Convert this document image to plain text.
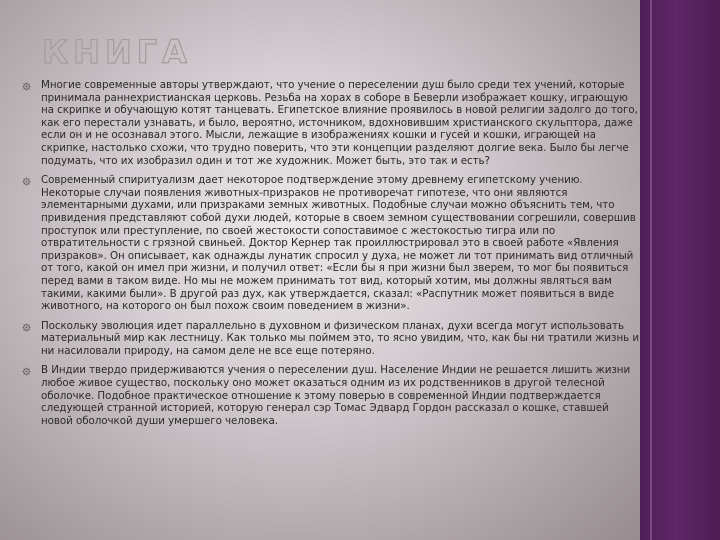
КНИГА
Многие современные авторы утверждают, что учение о переселении душ было среди тех учений, которые принимала раннехристианская церковь. Резьба на хорах в соборе в Беверли изображает кошку, играющую на скрипке и обучающую котят танцевать. Египетское влияние проявилось в новой религии задолго до того, как его перестали узнавать, и было, вероятно, источником, вдохновившим христианского скульптора, даже если он и не осознавал этого. Мысли, лежащие в изображениях кошки и гусей и кошки, играющей на скрипке, настолько схожи, что трудно поверить, что эти концепции разделяют долгие века. Было бы легче подумать, что их изобразил один и тот же художник. Может быть, это так и есть?
Современный спиритуализм дает некоторое подтверждение этому древнему египетскому учению. Некоторые случаи появления животных-призраков не противоречат гипотезе, что они являются элементарными духами, или призраками земных животных. Подобные случаи можно объяснить тем, что привидения представляют собой духи людей, которые в своем земном существовании согрешили, совершив проступок или преступление, по своей жестокости сопоставимое с жестокостью тигра или по отвратительности с грязной свиньей. Доктор Кернер так проиллюстрировал это в своей работе «Явления призраков». Он описывает, как однажды лунатик спросил у духа, не может ли тот принимать вид отличный от того, какой он имел при жизни, и получил ответ: «Если бы я при жизни был зверем, то мог бы появиться перед вами в таком виде. Но мы не можем принимать тот вид, который хотим, мы должны являться вам такими, какими были». В другой раз дух, как утверждается, сказал: «Распутник может появиться в виде животного, на которого он был похож своим поведением в жизни».
Поскольку эволюция идет параллельно в духовном и физическом планах, духи всегда могут использовать материальный мир как лестницу. Как только мы поймем это, то ясно увидим, что, как бы ни тратили жизнь и ни насиловали природу, на самом деле не все еще потеряно.
В Индии твердо придерживаются учения о переселении душ. Население Индии не решается лишить жизни любое живое существо, поскольку оно может оказаться одним из их родственников в другой телесной оболочке. Подобное практическое отношение к этому поверью в современной Индии подтверждается следующей странной историей, которую генерал сэр Томас Эдвард Гордон рассказал о кошке, ставшей новой оболочкой души умершего человека.
